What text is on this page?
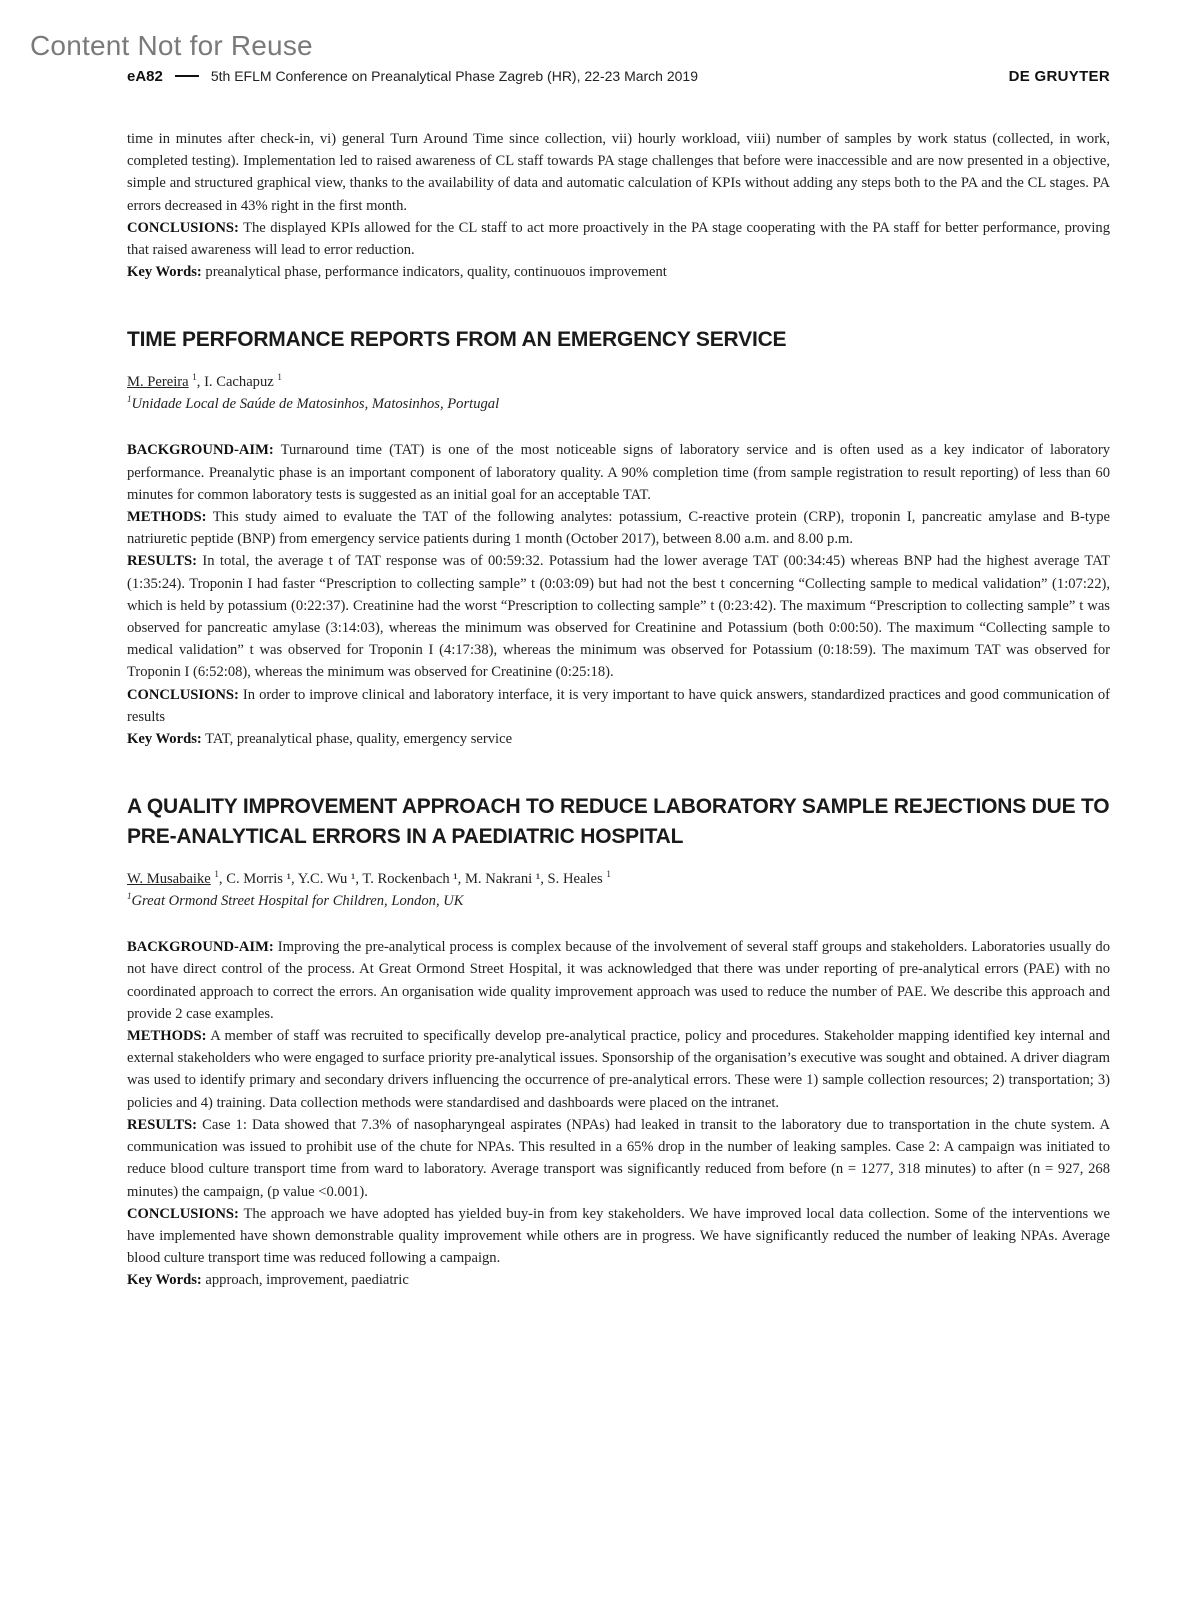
Content Not for Reuse
eA82	5th EFLM Conference on Preanalytical Phase Zagreb (HR), 22-23 March 2019	DE GRUYTER

time in minutes after check-in, vi) general Turn Around Time since collection, vii) hourly workload, viii) number of samples by work status (collected, in work, completed testing). Implementation led to raised awareness of CL staff towards PA stage challenges that before were inaccessible and are now presented in a objective, simple and structured graphical view, thanks to the availability of data and automatic calculation of KPIs without adding any steps both to the PA and the CL stages. PA errors decreased in 43% right in the first month.

CONCLUSIONS: The displayed KPIs allowed for the CL staff to act more proactively in the PA stage cooperating with the PA staff for better performance, proving that raised awareness will lead to error reduction.

Key Words: preanalytical phase, performance indicators, quality, continuouos improvement

TIME PERFORMANCE REPORTS FROM AN EMERGENCY SERVICE
M. Pereira $^1$, I. Cachapuz $^1$
$^1$Unidade Local de Saúde de Matosinhos, Matosinhos, Portugal

BACKGROUND-AIM: Turnaround time (TAT) is one of the most noticeable signs of laboratory service and is often used as a key indicator of laboratory performance. Preanalytic phase is an important component of laboratory quality. A 90% completion time (from sample registration to result reporting) of less than 60 minutes for common laboratory tests is suggested as an initial goal for an acceptable TAT.

METHODS: This study aimed to evaluate the TAT of the following analytes: potassium, C-reactive protein (CRP), troponin I, pancreatic amylase and B-type natriuretic peptide (BNP) from emergency service patients during 1 month (October 2017), between 8.00 a.m. and 8.00 p.m.

RESULTS: In total, the average t of TAT response was of 00:59:32. Potassium had the lower average TAT (00:34:45) whereas BNP had the highest average TAT (1:35:24). Troponin I had faster “Prescription to collecting sample” t (0:03:09) but had not the best t concerning “Collecting sample to medical validation” (1:07:22), which is held by potassium (0:22:37). Creatinine had the worst “Prescription to collecting sample” t (0:23:42). The maximum “Prescription to collecting sample” t was observed for pancreatic amylase (3:14:03), whereas the minimum was observed for Creatinine and Potassium (both 0:00:50). The maximum “Collecting sample to medical validation” t was observed for Troponin I (4:17:38), whereas the minimum was observed for Potassium (0:18:59). The maximum TAT was observed for Troponin I (6:52:08), whereas the minimum was observed for Creatinine (0:25:18).

CONCLUSIONS: In order to improve clinical and laboratory interface, it is very important to have quick answers, standardized practices and good communication of results

Key Words: TAT, preanalytical phase, quality, emergency service

A QUALITY IMPROVEMENT APPROACH TO REDUCE LABORATORY SAMPLE REJECTIONS DUE TO PRE-ANALYTICAL ERRORS IN A PAEDIATRIC HOSPITAL
W. Musabaike $^1$, C. Morris ¹, Y.C. Wu ¹, T. Rockenbach ¹, M. Nakrani ¹, S. Heales $^1$
$^1$Great Ormond Street Hospital for Children, London, UK

BACKGROUND-AIM: Improving the pre-analytical process is complex because of the involvement of several staff groups and stakeholders. Laboratories usually do not have direct control of the process. At Great Ormond Street Hospital, it was acknowledged that there was under reporting of pre-analytical errors (PAE) with no coordinated approach to correct the errors. An organisation wide quality improvement approach was used to reduce the number of PAE. We describe this approach and provide 2 case examples.

METHODS: A member of staff was recruited to specifically develop pre-analytical practice, policy and procedures. Stakeholder mapping identified key internal and external stakeholders who were engaged to surface priority pre-analytical issues. Sponsorship of the organisation’s executive was sought and obtained. A driver diagram was used to identify primary and secondary drivers influencing the occurrence of pre-analytical errors. These were 1) sample collection resources; 2) transportation; 3) policies and 4) training. Data collection methods were standardised and dashboards were placed on the intranet.

RESULTS: Case 1: Data showed that 7.3% of nasopharyngeal aspirates (NPAs) had leaked in transit to the laboratory due to transportation in the chute system. A communication was issued to prohibit use of the chute for NPAs. This resulted in a 65% drop in the number of leaking samples. Case 2: A campaign was initiated to reduce blood culture transport time from ward to laboratory. Average transport was significantly reduced from before (n = 1277, 318 minutes) to after (n = 927, 268 minutes) the campaign, (p value <0.001).

CONCLUSIONS: The approach we have adopted has yielded buy-in from key stakeholders. We have improved local data collection. Some of the interventions we have implemented have shown demonstrable quality improvement while others are in progress. We have significantly reduced the number of leaking NPAs. Average blood culture transport time was reduced following a campaign.

Key Words: approach, improvement, paediatric
